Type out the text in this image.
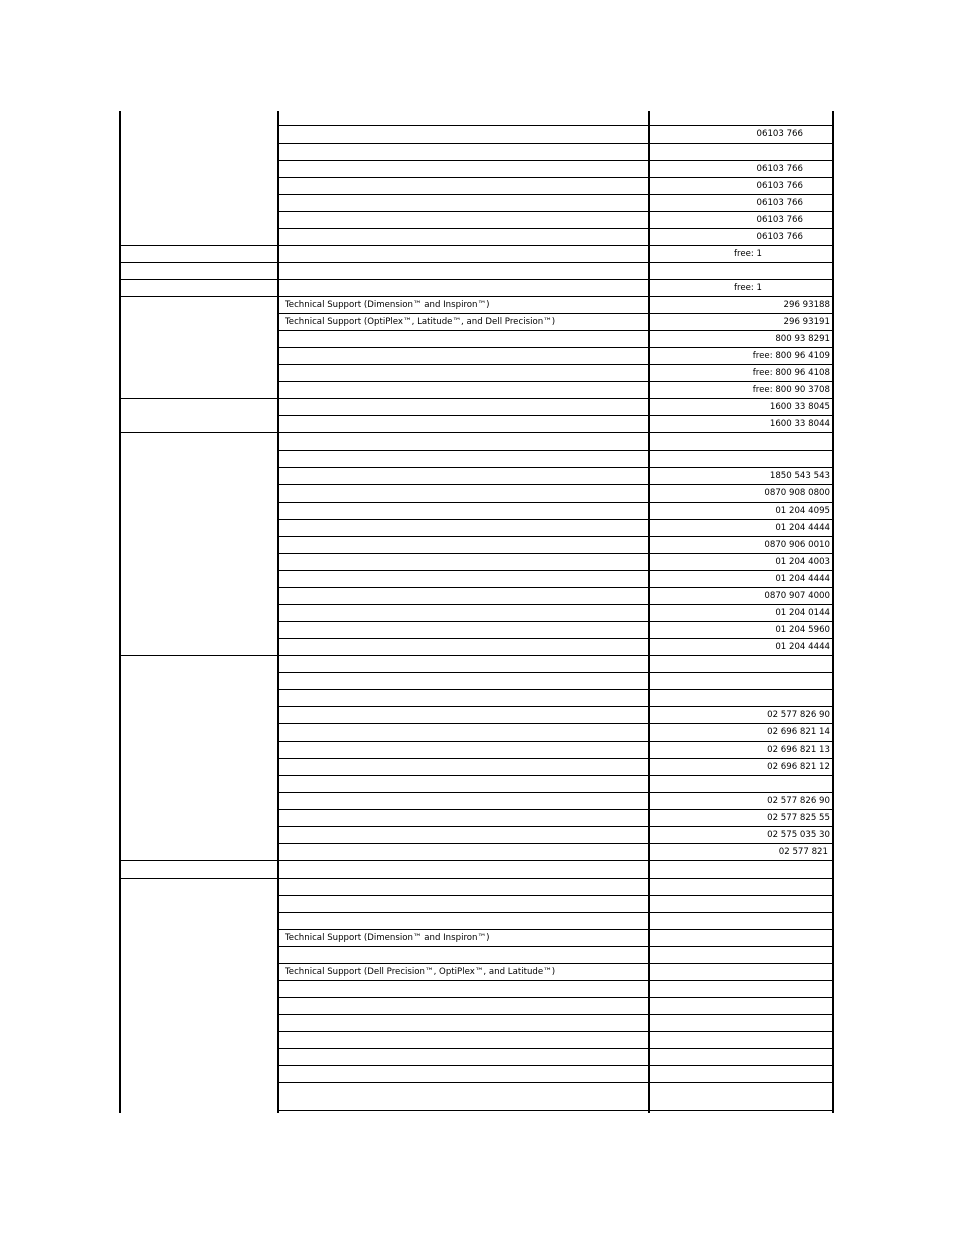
06103 766
06103 766
06103 766
06103 766
06103 766
06103 766
free: 1
free: 1
Technical Support (Dimension™ and Inspiron™)	296 93188
Technical Support (OptiPlex™, Latitude™, and Dell Precision™)	296 93191
800 93 8291
free: 800 96 4109
free: 800 96 4108
free: 800 90 3708
1600 33 8045
1600 33 8044
1850 543 543
0870 908 0800
01 204 4095
01 204 4444
0870 906 0010
01 204 4003
01 204 4444
0870 907 4000
01 204 0144
01 204 5960
01 204 4444
02 577 826 90
02 696 821 14
02 696 821 13
02 696 821 12
02 577 826 90
02 577 825 55
02 575 035 30
02 577 821
Technical Support (Dimension™ and Inspiron™)
Technical Support (Dell Precision™, OptiPlex™, and Latitude™)
